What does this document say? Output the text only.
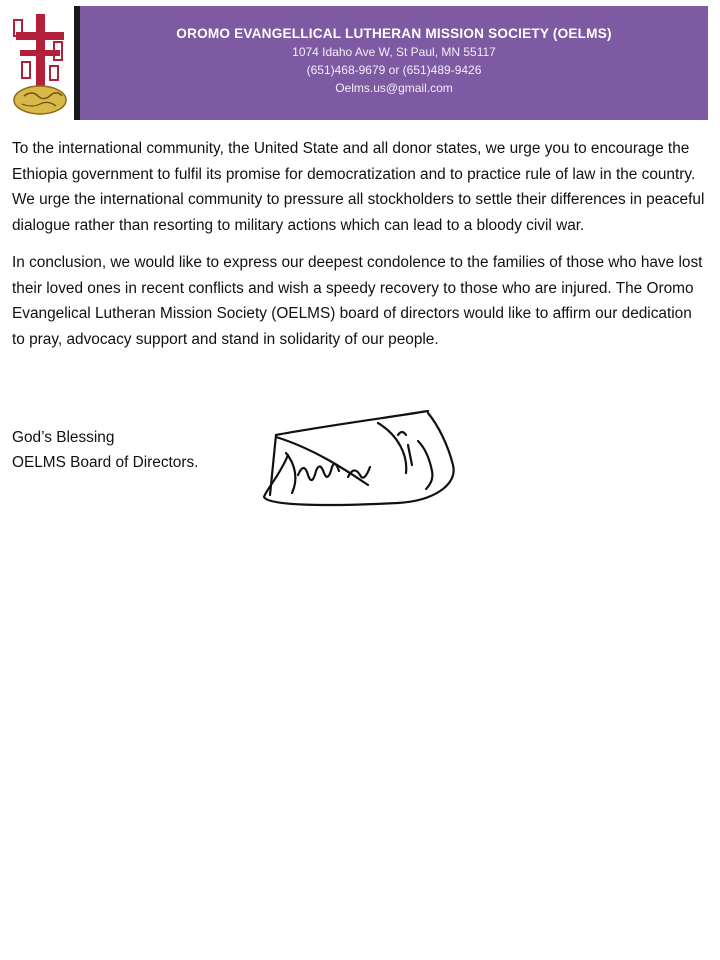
OROMO EVANGELLICAL LUTHERAN MISSION SOCIETY (OELMS)
1074 Idaho Ave W, St Paul, MN 55117
(651)468-9679 or (651)489-9426
Oelms.us@gmail.com

To the international community, the United State and all donor states, we urge you to encourage the Ethiopia government to fulfil its promise for democratization and to practice rule of law in the country. We urge the international community to pressure all stockholders to settle their differences in peaceful dialogue rather than resorting to military actions which can lead to a bloody civil war.

In conclusion, we would like to express our deepest condolence to the families of those who have lost their loved ones in recent conflicts and wish a speedy recovery to those who are injured. The Oromo Evangelical Lutheran Mission Society (OELMS) board of directors would like to affirm our dedication to pray, advocacy support and stand in solidarity of our people.

God’s Blessing
OELMS Board of Directors.
